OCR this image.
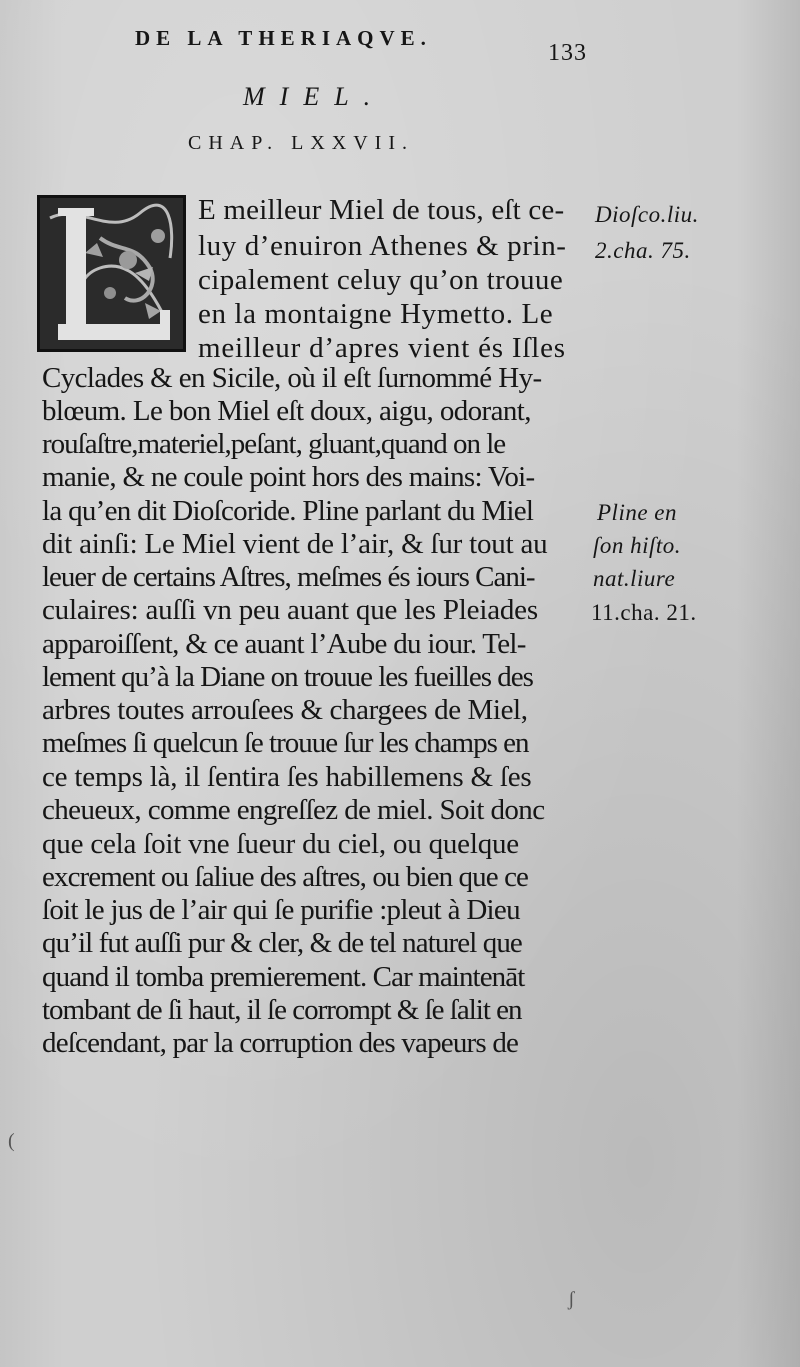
DE LA THERIAQVE.
133
MIEL.
CHAP. LXXVII.
E meilleur Miel de tous, eſt ce-
luy d’enuiron Athenes & prin-
cipalement celuy qu’on trouue
en la montaigne Hymetto. Le
meilleur d’apres vient és Iſles
Cyclades & en Sicile, où il eſt ſurnommé Hy-
blœum. Le bon Miel eſt doux, aigu, odorant,
rouſaſtre,materiel,peſant, gluant,quand on le
manie, & ne coule point hors des mains: Voi-
la qu’en dit Dioſcoride. Pline parlant du Miel
dit ainſi: Le Miel vient de l’air, & ſur tout au
leuer de certains Aſtres, meſmes és iours Cani-
culaires: auſſi vn peu auant que les Pleiades
apparoiſſent, & ce auant l’Aube du iour. Tel-
lement qu’à la Diane on trouue les fueilles des
arbres toutes arrouſees & chargees de Miel,
meſmes ſi quelcun ſe trouue ſur les champs en
ce temps là, il ſentira ſes habillemens & ſes
cheueux, comme engreſſez de miel. Soit donc
que cela ſoit vne ſueur du ciel, ou quelque
excrement ou ſaliue des aſtres, ou bien que ce
ſoit le jus de l’air qui ſe purifie :pleut à Dieu
qu’il fut auſſi pur & cler, & de tel naturel que
quand il tomba premierement. Car maintenāt
tombant de ſi haut, il ſe corrompt & ſe ſalit en
deſcendant, par la corruption des vapeurs de
Dioſco.liu.
2.cha. 75.
Pline en
ſon hiſto.
nat.liure
11.cha. 21.
(
ʃ
